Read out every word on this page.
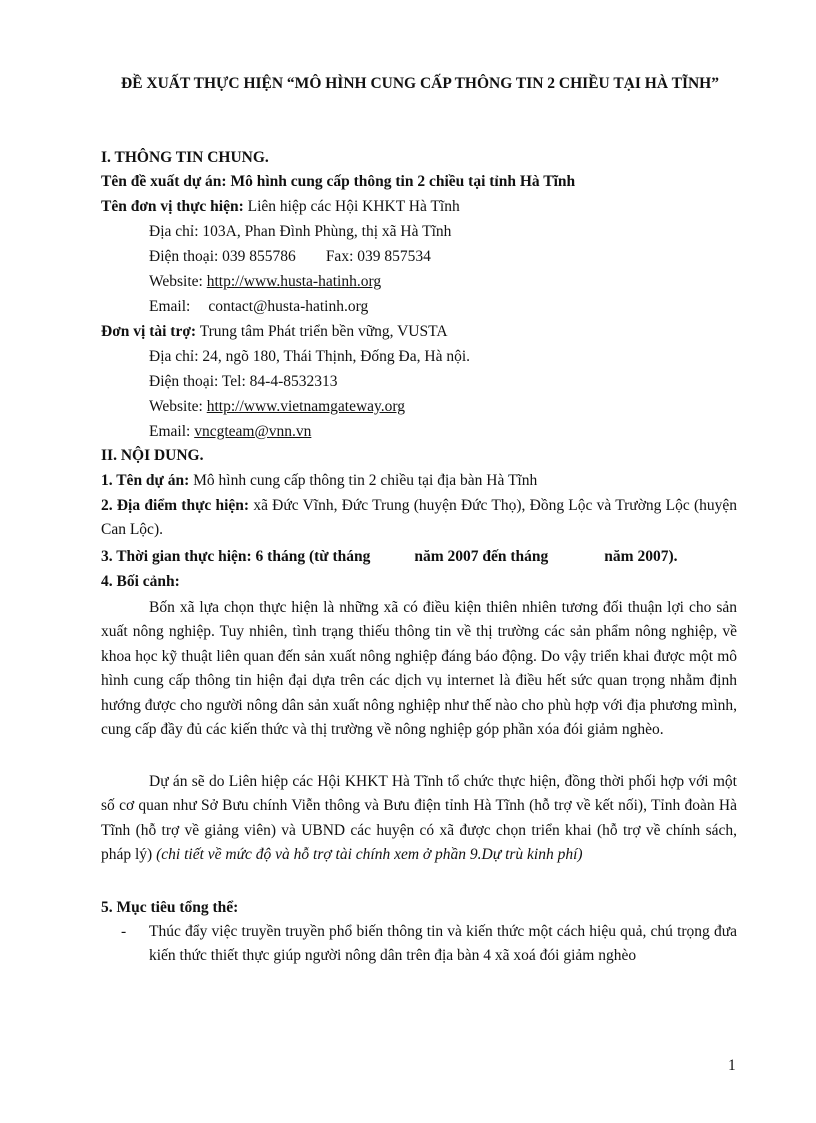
ĐỀ XUẤT THỰC HIỆN “MÔ HÌNH CUNG CẤP THÔNG TIN 2 CHIỀU TẠI HÀ TĨNH”
I. THÔNG TIN CHUNG.
Tên đề xuất dự án: Mô hình cung cấp thông tin 2 chiều tại tỉnh Hà Tĩnh
Tên đơn vị thực hiện: Liên hiệp các Hội KHKT Hà Tĩnh
Địa chỉ: 103A, Phan Đình Phùng, thị xã Hà Tĩnh
Điện thoại: 039 855786 Fax: 039 857534
Website: http://www.husta-hatinh.org
Email: contact@husta-hatinh.org
Đơn vị tài trợ: Trung tâm Phát triển bền vững, VUSTA
Địa chỉ: 24, ngõ 180, Thái Thịnh, Đống Đa, Hà nội.
Điện thoại: Tel: 84-4-8532313
Website: http://www.vietnamgateway.org
Email: vncgteam@vnn.vn
II. NỘI DUNG.
1. Tên dự án: Mô hình cung cấp thông tin 2 chiều tại địa bàn Hà Tĩnh
2. Địa điểm thực hiện: xã Đức Vĩnh, Đức Trung (huyện Đức Thọ), Đồng Lộc và Trường Lộc (huyện Can Lộc).
3. Thời gian thực hiện: 6 tháng (từ tháng	năm 2007 đến tháng	năm 2007).
4. Bối cảnh:
Bốn xã lựa chọn thực hiện là những xã có điều kiện thiên nhiên tương đối thuận lợi cho sản xuất nông nghiệp. Tuy nhiên, tình trạng thiếu thông tin về thị trường các sản phẩm nông nghiệp, về khoa học kỹ thuật liên quan đến sản xuất nông nghiệp đáng báo động. Do vậy triển khai được một mô hình cung cấp thông tin hiện đại dựa trên các dịch vụ internet là điều hết sức quan trọng nhằm định hướng được cho người nông dân sản xuất nông nghiệp như thế nào cho phù hợp với địa phương mình, cung cấp đầy đủ các kiến thức và thị trường về nông nghiệp góp phần xóa đói giảm nghèo.
Dự án sẽ do Liên hiệp các Hội KHKT Hà Tĩnh tổ chức thực hiện, đồng thời phối hợp với một số cơ quan như Sở Bưu chính Viễn thông và Bưu điện tỉnh Hà Tĩnh (hỗ trợ về kết nối), Tỉnh đoàn Hà Tĩnh (hỗ trợ về giảng viên) và UBND các huyện có xã được chọn triển khai (hỗ trợ về chính sách, pháp lý) (chi tiết về mức độ và hỗ trợ tài chính xem ở phần 9.Dự trù kinh phí)
5. Mục tiêu tổng thể:
- Thúc đẩy việc truyền truyền phổ biến thông tin và kiến thức một cách hiệu quả, chú trọng đưa kiến thức thiết thực giúp người nông dân trên địa bàn 4 xã xoá đói giảm nghèo
1
